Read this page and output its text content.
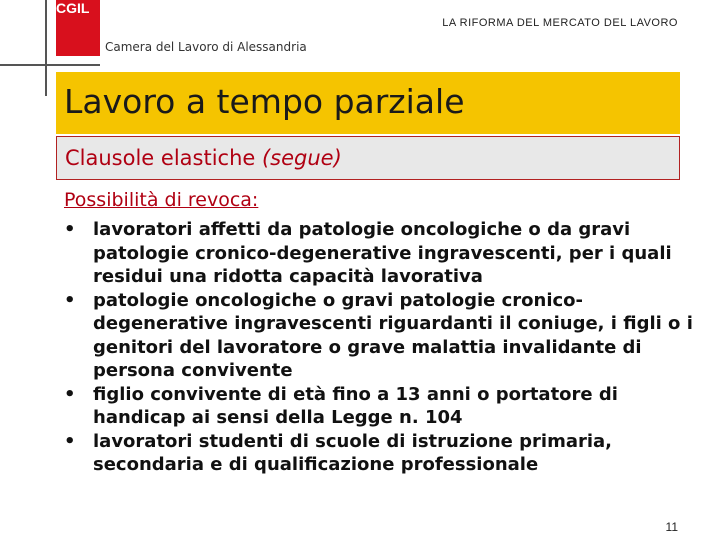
CGIL
Camera del Lavoro di Alessandria
LA RIFORMA DEL MERCATO DEL LAVORO
Lavoro a tempo parziale
Clausole elastiche (segue)
Possibilità di revoca:
• lavoratori affetti da patologie oncologiche o da gravi patologie cronico-degenerative ingravescenti, per i quali residui una ridotta capacità lavorativa
• patologie oncologiche o gravi patologie cronico-degenerative ingravescenti riguardanti il coniuge, i figli o i genitori del lavoratore o grave malattia invalidante di persona convivente
• figlio convivente di età fino a 13 anni o portatore di handicap ai sensi della Legge n. 104
• lavoratori studenti di scuole di istruzione primaria, secondaria e di qualificazione professionale
11
